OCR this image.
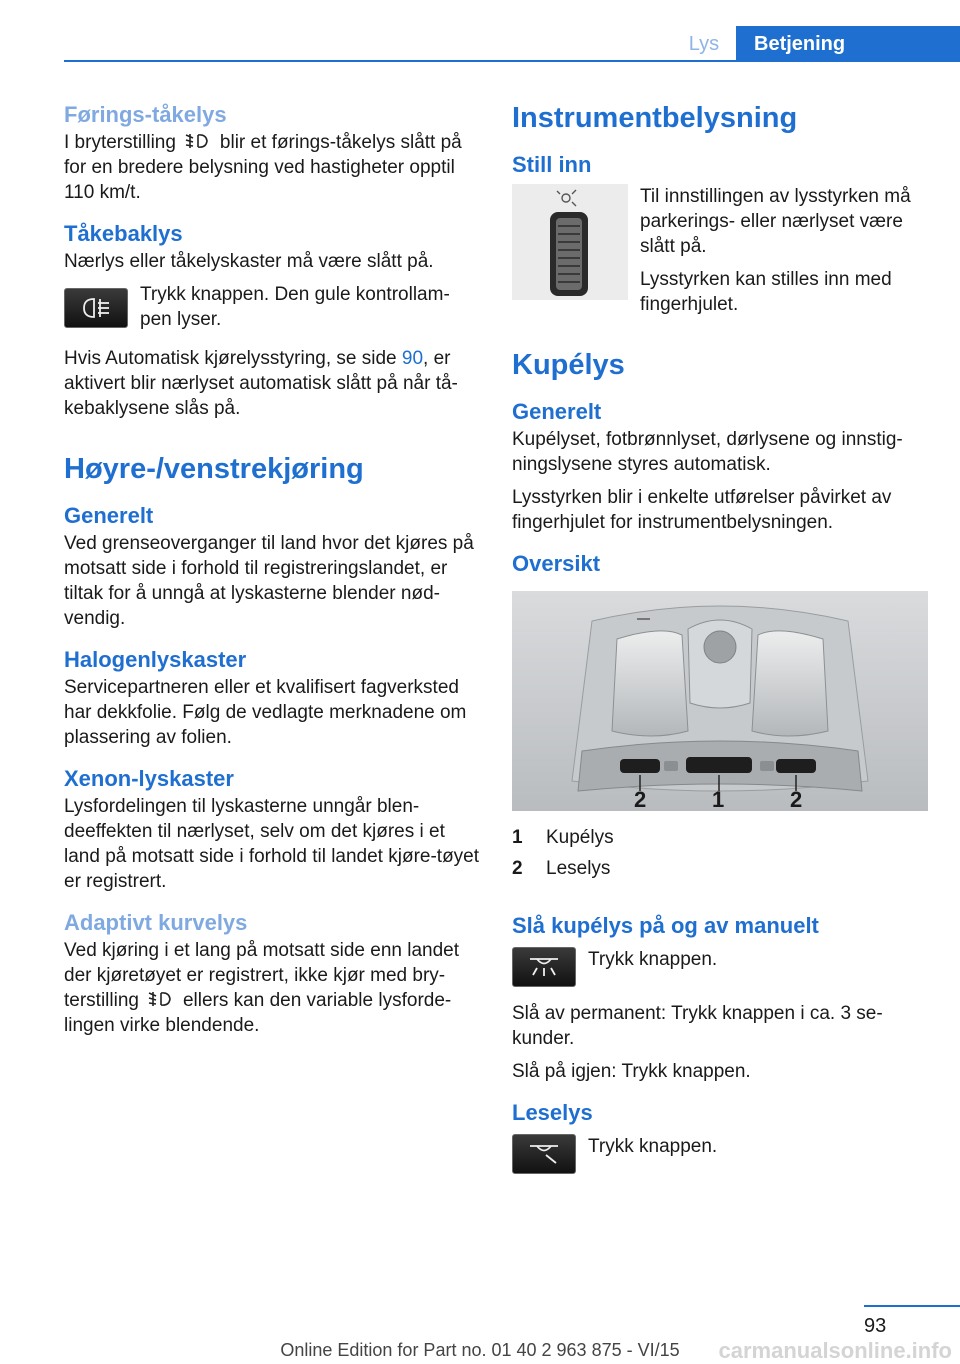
Lys	Betjening
Førings-tåkelys

I bryterstilling blir et førings-tåkelys slått på for en bredere belysning ved hastigheter opptil 110 km/t.

Tåkebaklys

Nærlys eller tåkelyskaster må være slått på.

Trykk knappen. Den gule kontrollam-pen lyser.

Hvis Automatisk kjørelysstyring, se side 90, er aktivert blir nærlyset automatisk slått på når tå-kebaklysene slås på.

Høyre-/venstrekjøring
Generelt

Ved grenseoverganger til land hvor det kjøres på motsatt side i forhold til registreringslandet, er tiltak for å unngå at lyskasterne blender nød-vendig.

Halogenlyskaster

Servicepartneren eller et kvalifisert fagverksted har dekkfolie. Følg de vedlagte merknadene om plassering av folien.

Xenon-lyskaster

Lysfordelingen til lyskasterne unngår blen-deeffekten til nærlyset, selv om det kjøres i et land på motsatt side i forhold til landet kjøre-tøyet er registrert.

Adaptivt kurvelys

Ved kjøring i et lang på motsatt side enn landet der kjøretøyet er registrert, ikke kjør med bry-terstilling ellers kan den variable lysforde-lingen virke blendende.

Instrumentbelysning
Still inn

Til innstillingen av lysstyrken må parkerings- eller nærlyset være slått på.

Lysstyrken kan stilles inn med fingerhjulet.

Kupélys
Generelt

Kupélyset, fotbrønnlyset, dørlysene og innstig-ningslysene styres automatisk.

Lysstyrken blir i enkelte utførelser påvirket av fingerhjulet for instrumentbelysningen.

Oversikt
2	1	2
1	Kupélys
2	Leselys
Slå kupélys på og av manuelt

Trykk knappen.

Slå av permanent: Trykk knappen i ca. 3 se-kunder.

Slå på igjen: Trykk knappen.

Leselys

Trykk knappen.

93
Online Edition for Part no. 01 40 2 963 875 - VI/15	carmanualsonline.info
